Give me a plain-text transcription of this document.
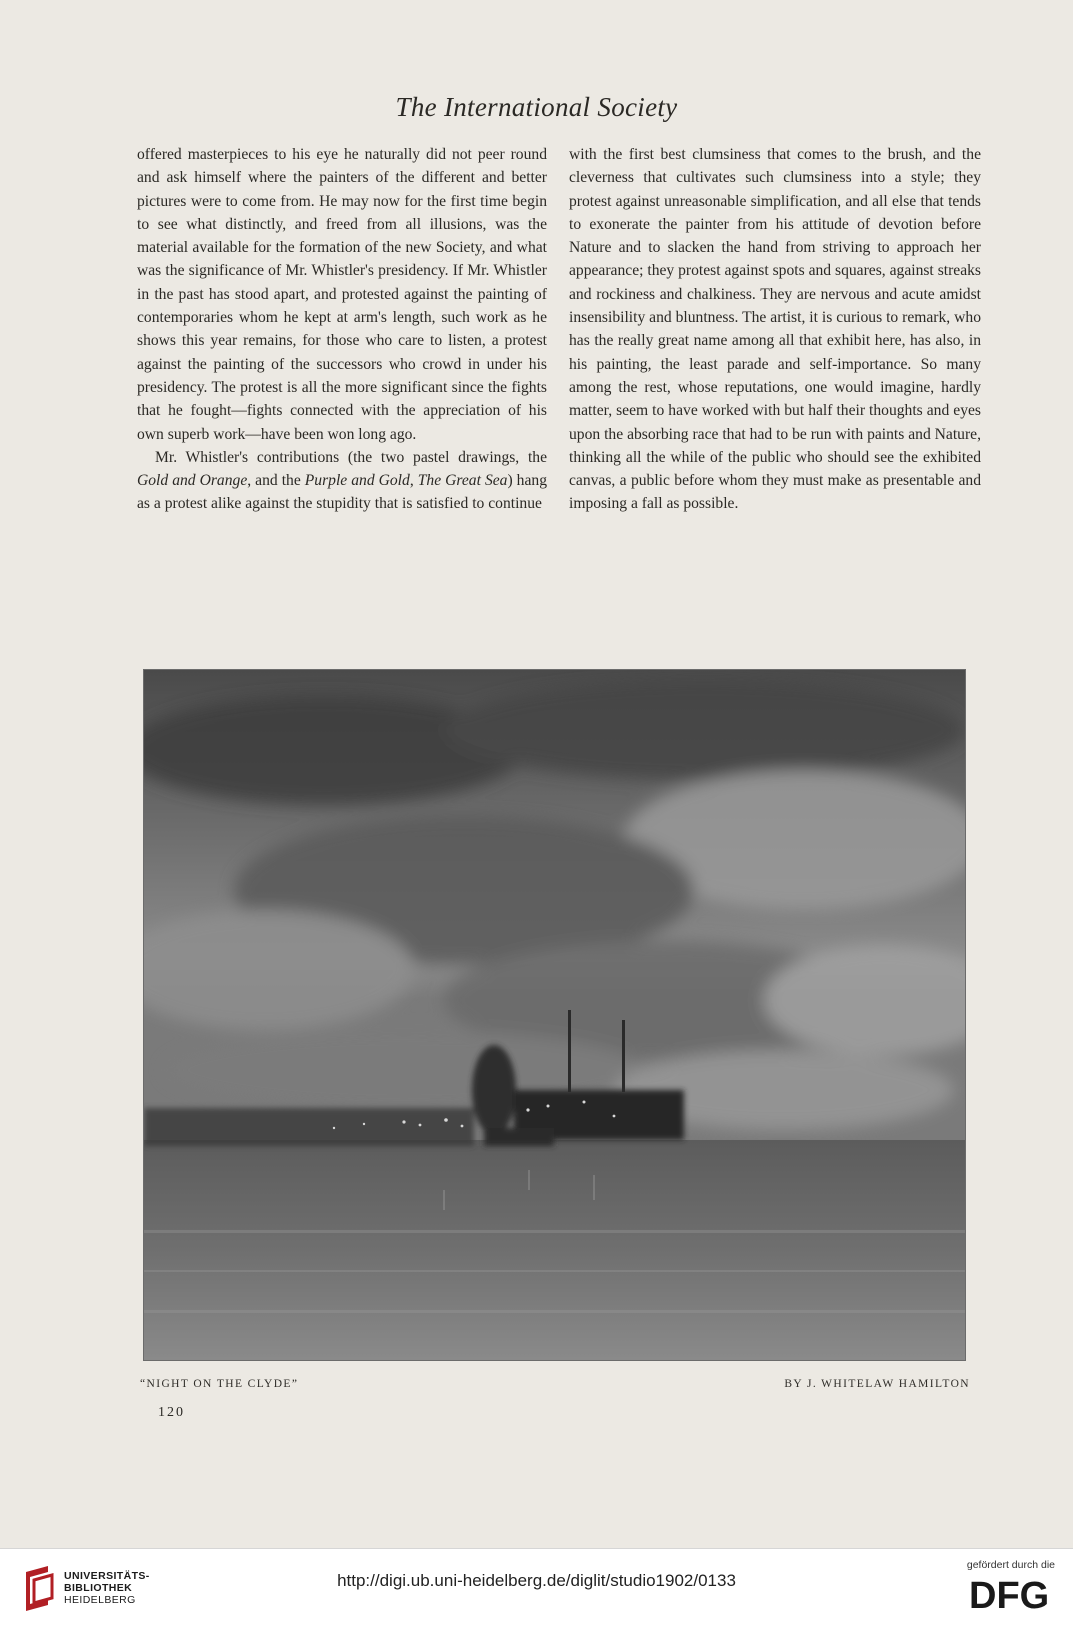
The International Society

offered masterpieces to his eye he naturally did not peer round and ask himself where the painters of the different and better pictures were to come from. He may now for the first time begin to see what distinctly, and freed from all illusions, was the material available for the formation of the new Society, and what was the significance of Mr. Whistler's presidency. If Mr. Whistler in the past has stood apart, and protested against the painting of contemporaries whom he kept at arm's length, such work as he shows this year remains, for those who care to listen, a protest against the painting of the successors who crowd in under his presidency. The protest is all the more significant since the fights that he fought—fights connected with the appreciation of his own superb work—have been won long ago.

Mr. Whistler's contributions (the two pastel drawings, the Gold and Orange, and the Purple and Gold, The Great Sea) hang as a protest alike against the stupidity that is satisfied to continue

with the first best clumsiness that comes to the brush, and the cleverness that cultivates such clumsiness into a style; they protest against unreasonable simplification, and all else that tends to exonerate the painter from his attitude of devotion before Nature and to slacken the hand from striving to approach her appearance; they protest against spots and squares, against streaks and rockiness and chalkiness. They are nervous and acute amidst insensibility and bluntness. The artist, it is curious to remark, who has the really great name among all that exhibit here, has also, in his painting, the least parade and self-importance. So many among the rest, whose reputations, one would imagine, hardly matter, seem to have worked with but half their thoughts and eyes upon the absorbing race that had to be run with paints and Nature, thinking all the while of the public who should see the exhibited canvas, a public before whom they must make as presentable and imposing a fall as possible.

“NIGHT ON THE CLYDE”	BY J. WHITELAW HAMILTON
120
UNIVERSITÄTS-
BIBLIOTHEK
HEIDELBERG
http://digi.ub.uni-heidelberg.de/diglit/studio1902/0133
gefördert durch die
DFG
